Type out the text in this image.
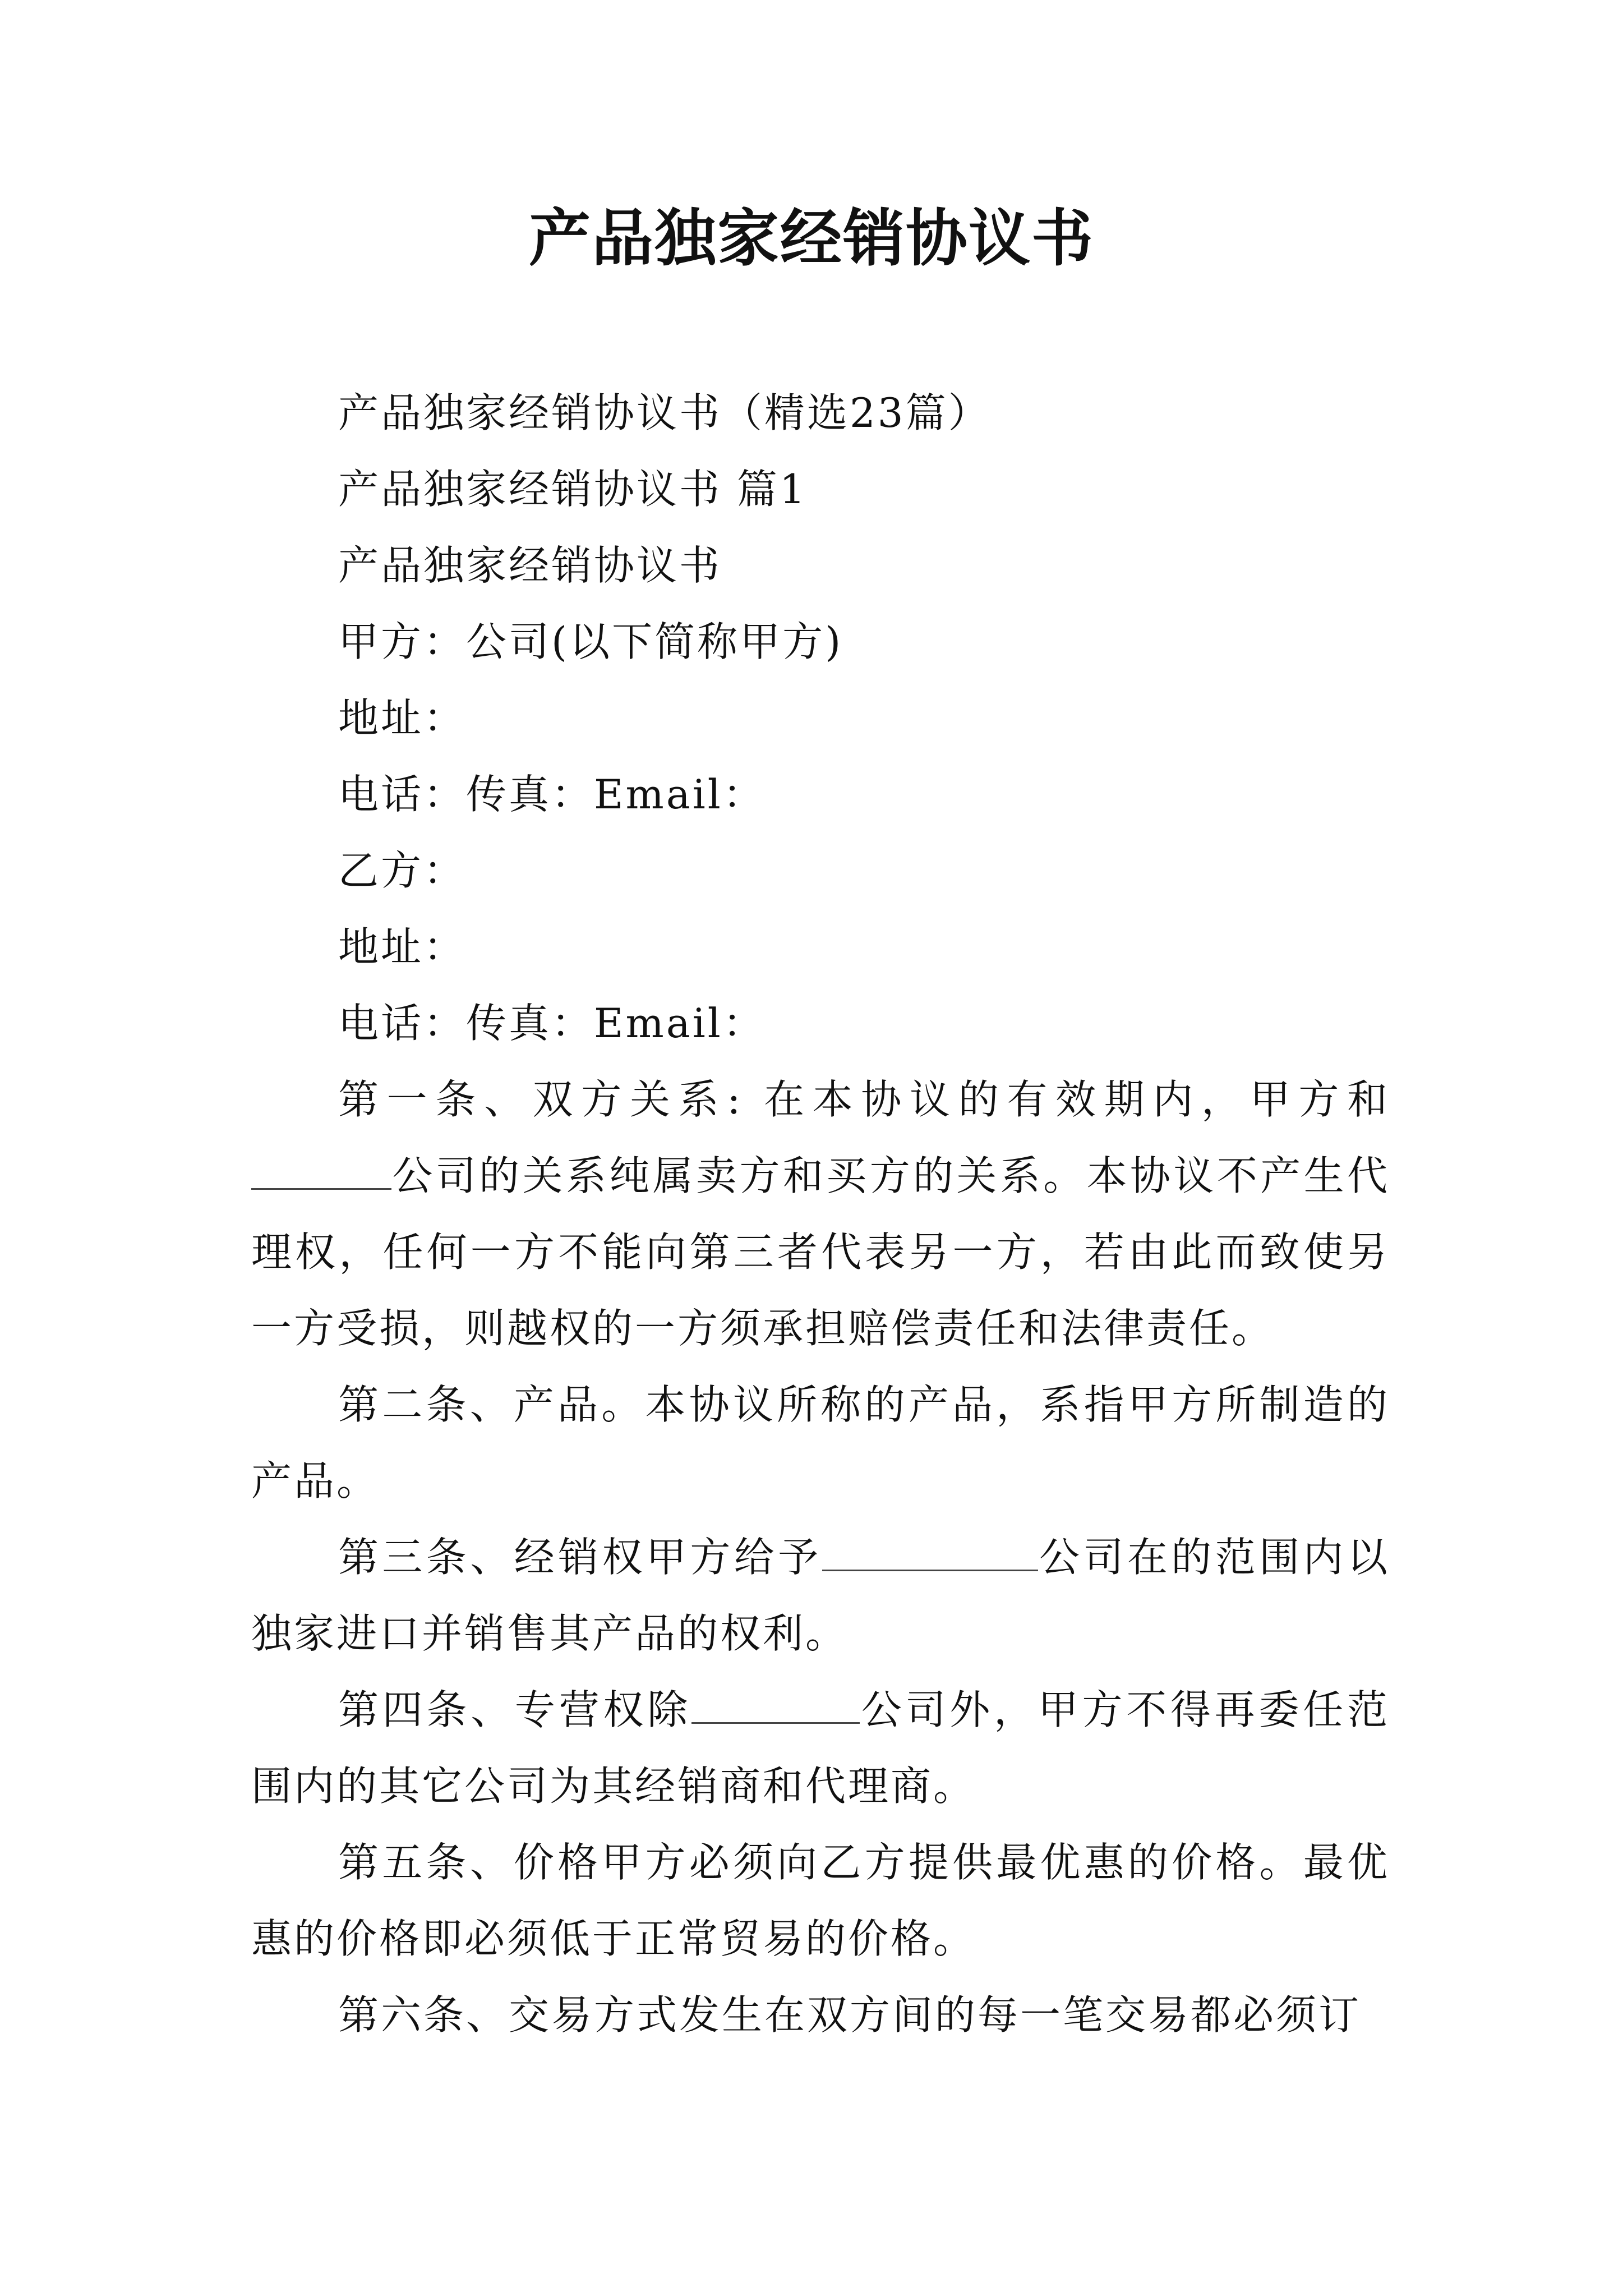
产品独家经销协议书

产品独家经销协议书（精选23篇）

产品独家经销协议书 篇1

产品独家经销协议书

甲方：公司(以下简称甲方)

地址：

电话：传真：Email：

乙方：

地址：

电话：传真：Email：

第一条、双方关系: 在本协议的有效期内，甲方和公司的关系纯属卖方和买方的关系。本协议不产生代理权，任何一方不能向第三者代表另一方，若由此而致使另一方受损，则越权的一方须承担赔偿责任和法律责任。

第二条、产品。本协议所称的产品，系指甲方所制造的产品。

第三条、经销权甲方给予	公司在的范围内以独家进口并销售其产品的权利。

第四条、专营权除	公司外，甲方不得再委任范围内的其它公司为其经销商和代理商。

第五条、价格甲方必须向乙方提供最优惠的价格。最优惠的价格即必须低于正常贸易的价格。

第六条、交易方式发生在双方间的每一笔交易都必须订
